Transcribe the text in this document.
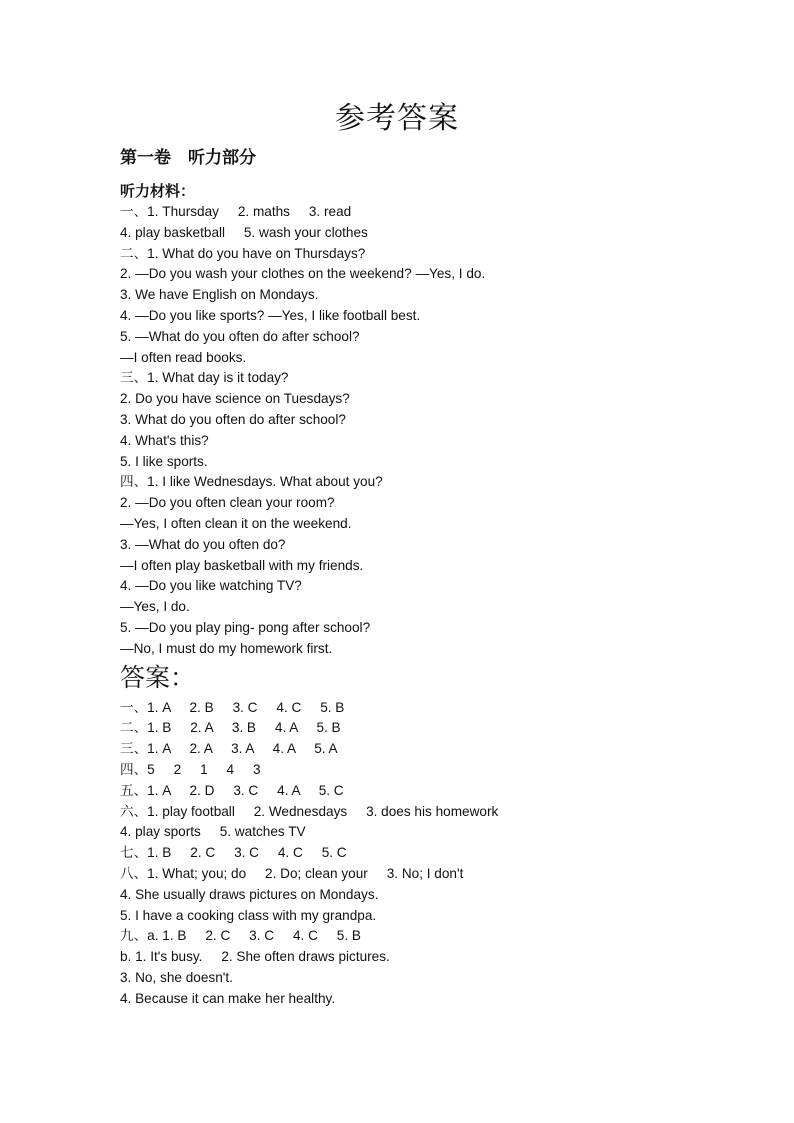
参考答案
第一卷　听力部分
听力材料：
一、1. Thursday     2. maths     3. read
4. play basketball     5. wash your clothes
二、1. What do you have on Thursdays?
2. —Do you wash your clothes on the weekend? —Yes, I do.
3. We have English on Mondays.
4. —Do you like sports? —Yes, I like football best.
5. —What do you often do after school?
—I often read books.
三、1. What day is it today?
2. Do you have science on Tuesdays?
3. What do you often do after school?
4. What's this?
5. I like sports.
四、1. I like Wednesdays. What about you?
2. —Do you often clean your room?
—Yes, I often clean it on the weekend.
3. —What do you often do?
—I often play basketball with my friends.
4. —Do you like watching TV?
—Yes, I do.
5. —Do you play ping- pong after school?
—No, I must do my homework first.
答案：
一、1. A     2. B     3. C     4. C     5. B
二、1. B     2. A     3. B     4. A     5. B
三、1. A     2. A     3. A     4. A     5. A
四、5     2     1     4     3
五、1. A     2. D     3. C     4. A     5. C
六、1. play football     2. Wednesdays     3. does his homework
4. play sports     5. watches TV
七、1. B     2. C     3. C     4. C     5. C
八、1. What; you; do     2. Do; clean your     3. No; I don't
4. She usually draws pictures on Mondays.
5. I have a cooking class with my grandpa.
九、a. 1. B     2. C     3. C     4. C     5. B
b. 1. It's busy.     2. She often draws pictures.
3. No, she doesn't.
4. Because it can make her healthy.
